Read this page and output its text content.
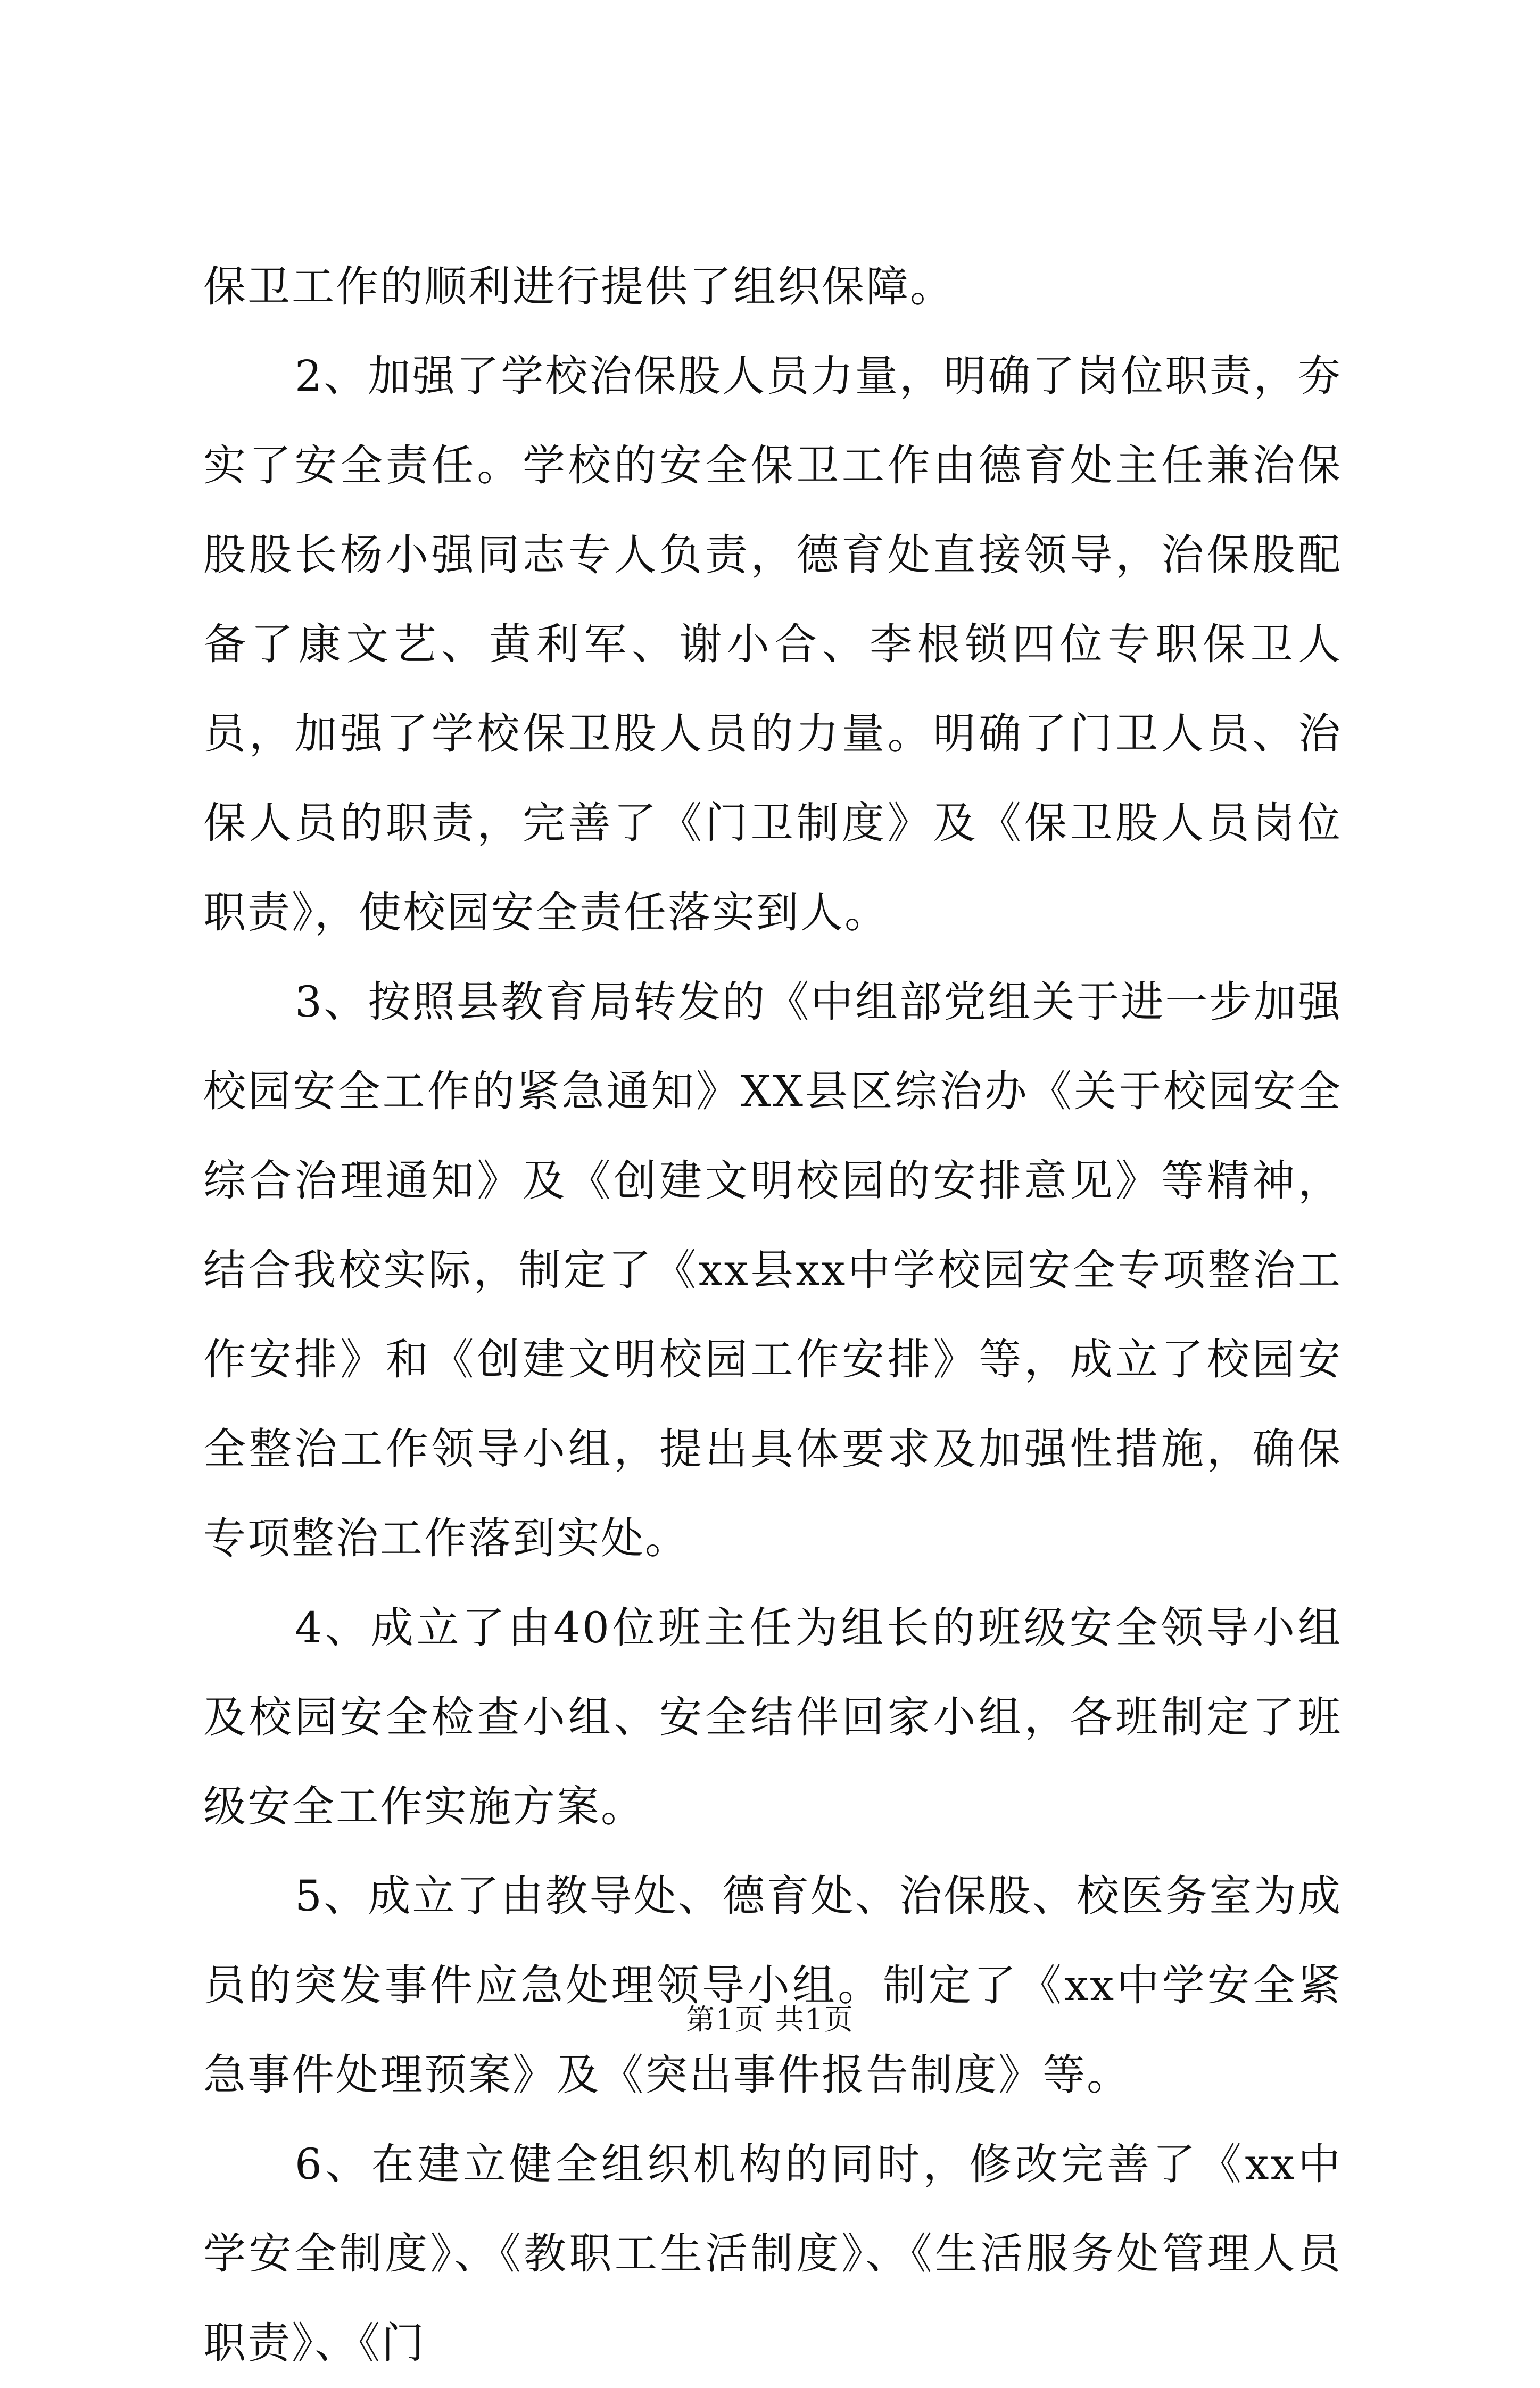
保卫工作的顺利进行提供了组织保障。

2、加强了学校治保股人员力量，明确了岗位职责，夯实了安全责任。学校的安全保卫工作由德育处主任兼治保股股长杨小强同志专人负责，德育处直接领导，治保股配备了康文艺、黄利军、谢小合、李根锁四位专职保卫人员，加强了学校保卫股人员的力量。明确了门卫人员、治保人员的职责，完善了《门卫制度》及《保卫股人员岗位职责》，使校园安全责任落实到人。

3、按照县教育局转发的《中组部党组关于进一步加强校园安全工作的紧急通知》XX县区综治办《关于校园安全综合治理通知》及《创建文明校园的安排意见》等精神，结合我校实际，制定了《xx县xx中学校园安全专项整治工作安排》和《创建文明校园工作安排》等，成立了校园安全整治工作领导小组，提出具体要求及加强性措施，确保专项整治工作落到实处。

4、成立了由40位班主任为组长的班级安全领导小组及校园安全检查小组、安全结伴回家小组，各班制定了班级安全工作实施方案。

5、成立了由教导处、德育处、治保股、校医务室为成员的突发事件应急处理领导小组。制定了《xx中学安全紧急事件处理预案》及《突出事件报告制度》等。

6、在建立健全组织机构的同时，修改完善了《xx中学安全制度》、《教职工生活制度》、《生活服务处管理人员职责》、《门

第1页 共1页
